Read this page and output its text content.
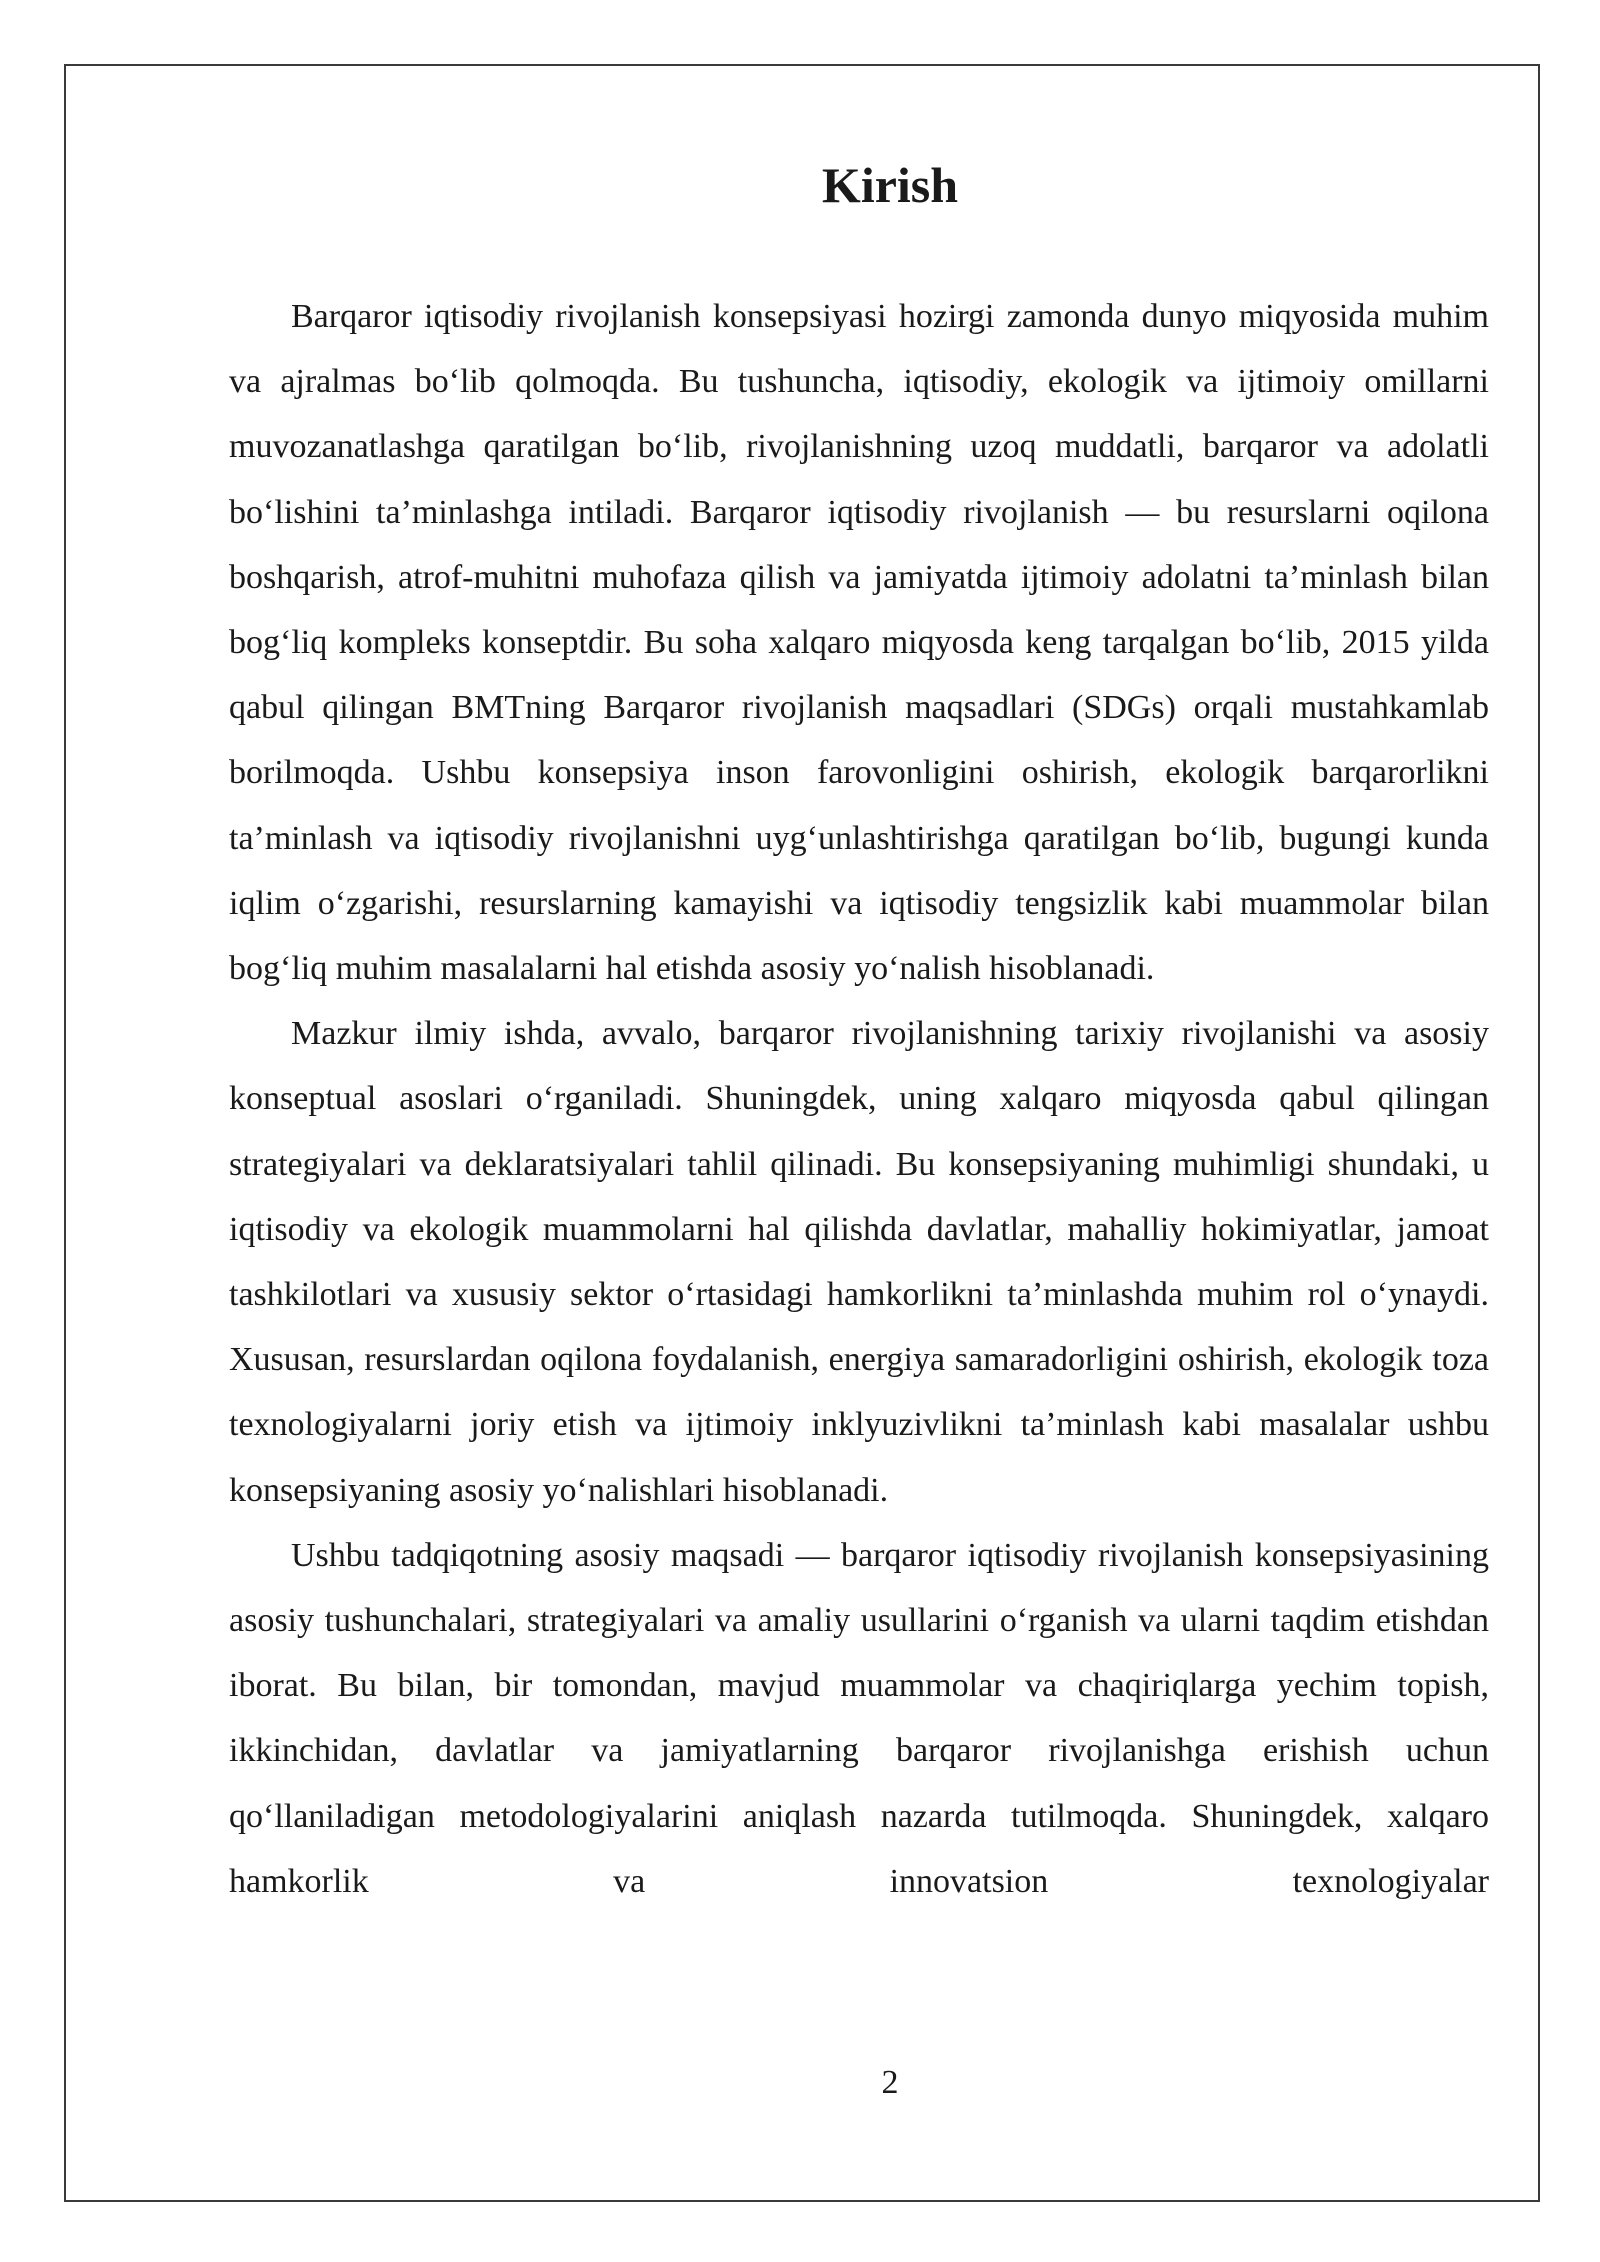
Kirish

Barqaror iqtisodiy rivojlanish konsepsiyasi hozirgi zamonda dunyo miqyosida muhim va ajralmas bo‘lib qolmoqda. Bu tushuncha, iqtisodiy, ekologik va ijtimoiy omillarni muvozanatlashga qaratilgan bo‘lib, rivojlanishning uzoq muddatli, barqaror va adolatli bo‘lishini ta’minlashga intiladi. Barqaror iqtisodiy rivojlanish — bu resurslarni oqilona boshqarish, atrof-muhitni muhofaza qilish va jamiyatda ijtimoiy adolatni ta’minlash bilan bog‘liq kompleks konseptdir. Bu soha xalqaro miqyosda keng tarqalgan bo‘lib, 2015 yilda qabul qilingan BMTning Barqaror rivojlanish maqsadlari (SDGs) orqali mustahkamlab borilmoqda. Ushbu konsepsiya inson farovonligini oshirish, ekologik barqarorlikni ta’minlash va iqtisodiy rivojlanishni uyg‘unlashtirishga qaratilgan bo‘lib, bugungi kunda iqlim o‘zgarishi, resurslarning kamayishi va iqtisodiy tengsizlik kabi muammolar bilan bog‘liq muhim masalalarni hal etishda asosiy yo‘nalish hisoblanadi.

Mazkur ilmiy ishda, avvalo, barqaror rivojlanishning tarixiy rivojlanishi va asosiy konseptual asoslari o‘rganiladi. Shuningdek, uning xalqaro miqyosda qabul qilingan strategiyalari va deklaratsiyalari tahlil qilinadi. Bu konsepsiyaning muhimligi shundaki, u iqtisodiy va ekologik muammolarni hal qilishda davlatlar, mahalliy hokimiyatlar, jamoat tashkilotlari va xususiy sektor o‘rtasidagi hamkorlikni ta’minlashda muhim rol o‘ynaydi. Xususan, resurslardan oqilona foydalanish, energiya samaradorligini oshirish, ekologik toza texnologiyalarni joriy etish va ijtimoiy inklyuzivlikni ta’minlash kabi masalalar ushbu konsepsiyaning asosiy yo‘nalishlari hisoblanadi.

Ushbu tadqiqotning asosiy maqsadi — barqaror iqtisodiy rivojlanish konsepsiyasining asosiy tushunchalari, strategiyalari va amaliy usullarini o‘rganish va ularni taqdim etishdan iborat. Bu bilan, bir tomondan, mavjud muammolar va chaqiriqlarga yechim topish, ikkinchidan, davlatlar va jamiyatlarning barqaror rivojlanishga erishish uchun qo‘llaniladigan metodologiyalarini aniqlash nazarda tutilmoqda. Shuningdek, xalqaro hamkorlik va innovatsion texnologiyalar

2
